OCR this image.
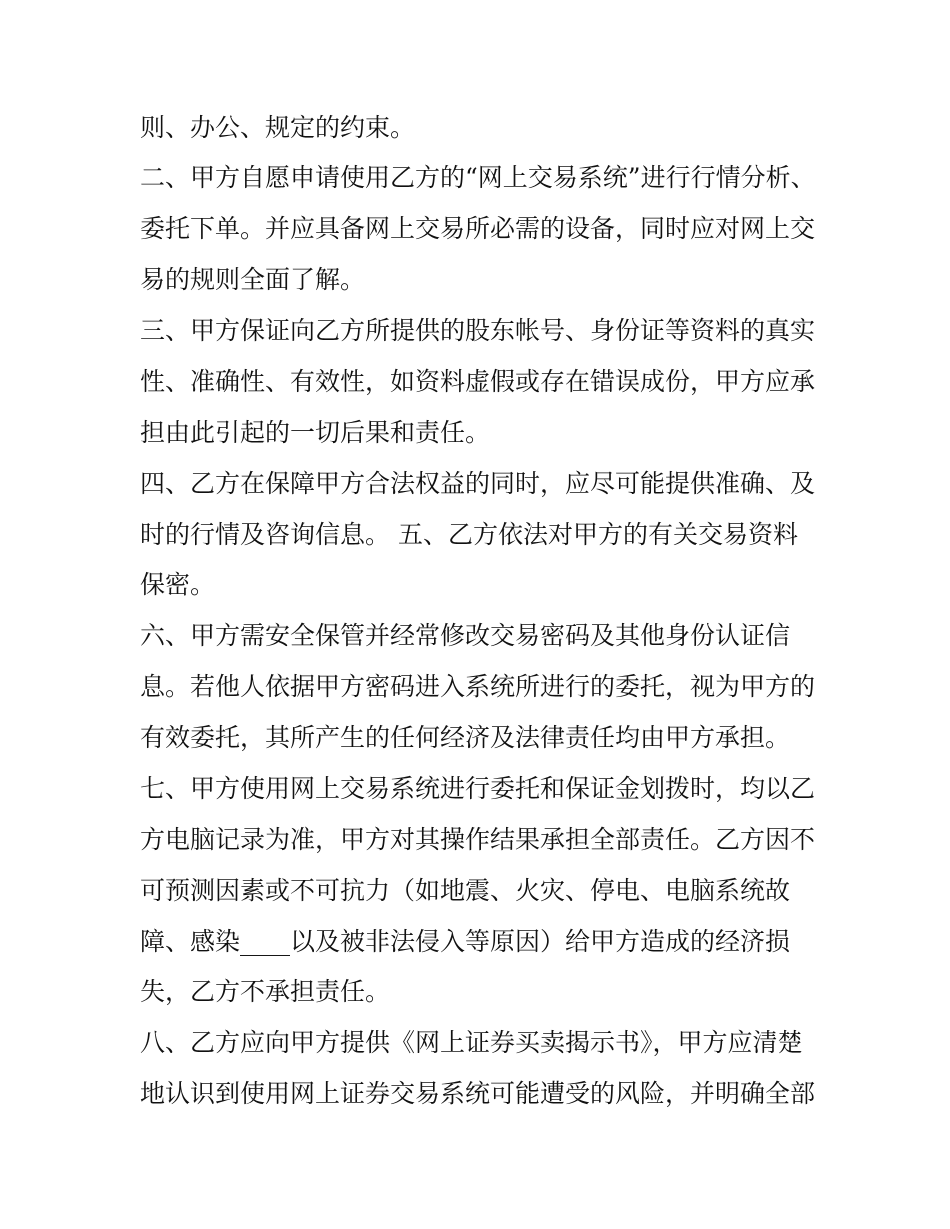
则、办公、规定的约束。
二、甲方自愿申请使用乙方的“网上交易系统”进行行情分析、
委托下单。并应具备网上交易所必需的设备，同时应对网上交
易的规则全面了解。
三、甲方保证向乙方所提供的股东帐号、身份证等资料的真实
性、准确性、有效性，如资料虚假或存在错误成份，甲方应承
担由此引起的一切后果和责任。
四、乙方在保障甲方合法权益的同时，应尽可能提供准确、及
时的行情及咨询信息。 五、乙方依法对甲方的有关交易资料
保密。
六、甲方需安全保管并经常修改交易密码及其他身份认证信
息。若他人依据甲方密码进入系统所进行的委托，视为甲方的
有效委托，其所产生的任何经济及法律责任均由甲方承担。
七、甲方使用网上交易系统进行委托和保证金划拨时，均以乙
方电脑记录为准，甲方对其操作结果承担全部责任。乙方因不
可预测因素或不可抗力（如地震、火灾、停电、电脑系统故
障、感染____以及被非法侵入等原因）给甲方造成的经济损
失，乙方不承担责任。
八、乙方应向甲方提供《网上证券买卖揭示书》，甲方应清楚
地认识到使用网上证券交易系统可能遭受的风险，并明确全部
